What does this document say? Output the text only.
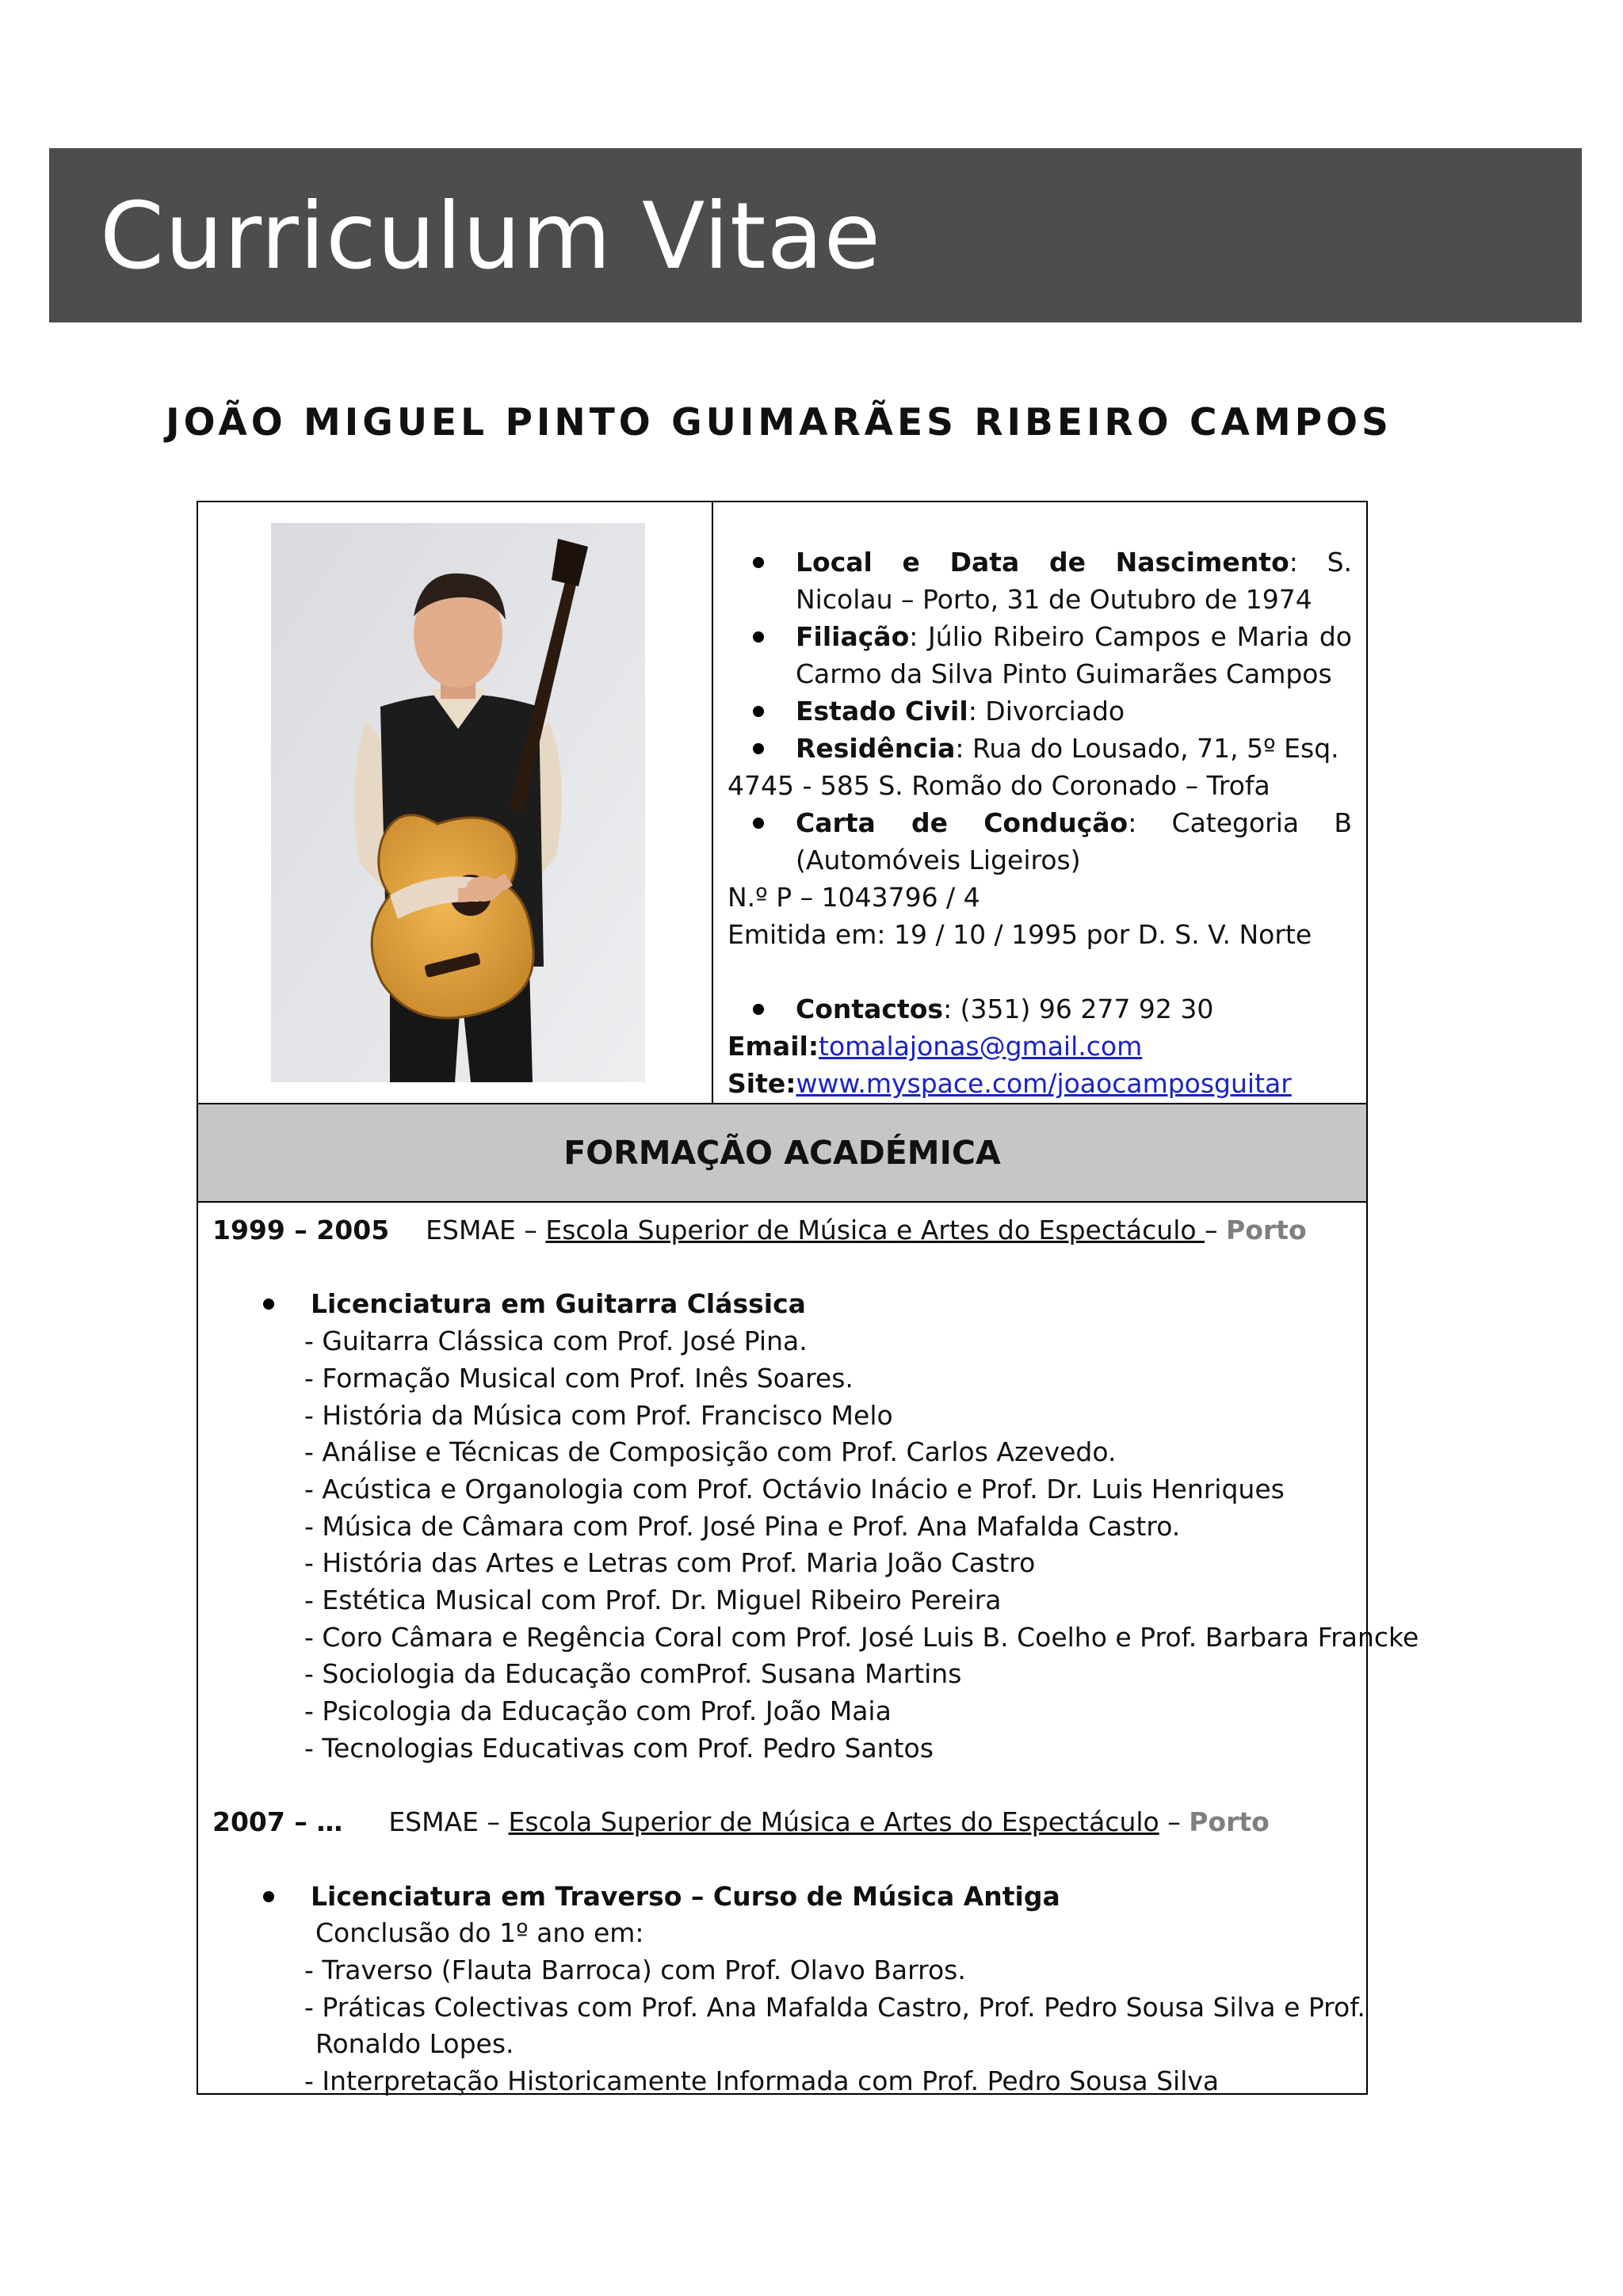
Curriculum Vitae
JOÃO MIGUEL PINTO GUIMARÃES RIBEIRO CAMPOS
Local e Data de Nascimento: S. Nicolau – Porto, 31 de Outubro de 1974
Filiação: Júlio Ribeiro Campos e Maria do Carmo da Silva Pinto Guimarães Campos
Estado Civil: Divorciado
Residência: Rua do Lousado, 71, 5º Esq.
4745 - 585 S. Romão do Coronado – Trofa
Carta de Condução: Categoria B (Automóveis Ligeiros)
N.º P – 1043796 / 4
Emitida em: 19 / 10 / 1995 por D. S. V. Norte
Contactos: (351) 96 277 92 30
Email:tomalajonas@gmail.com
Site:www.myspace.com/joaocamposguitar
FORMAÇÃO ACADÉMICA
1999 – 2005 ESMAE – Escola Superior de Música e Artes do Espectáculo – Porto
Licenciatura em Guitarra Clássica
- Guitarra Clássica com Prof. José Pina.
- Formação Musical com Prof. Inês Soares.
- História da Música com Prof. Francisco Melo
- Análise e Técnicas de Composição com Prof. Carlos Azevedo.
- Acústica e Organologia com Prof. Octávio Inácio e Prof. Dr. Luis Henriques
- Música de Câmara com Prof. José Pina e Prof. Ana Mafalda Castro.
- História das Artes e Letras com Prof. Maria João Castro
- Estética Musical com Prof. Dr. Miguel Ribeiro Pereira
- Coro Câmara e Regência Coral com Prof. José Luis B. Coelho e Prof. Barbara Francke
- Sociologia da Educação comProf. Susana Martins
- Psicologia da Educação com Prof. João Maia
- Tecnologias Educativas com Prof. Pedro Santos
2007 – … ESMAE – Escola Superior de Música e Artes do Espectáculo – Porto
Licenciatura em Traverso – Curso de Música Antiga
Conclusão do 1º ano em:
- Traverso (Flauta Barroca) com Prof. Olavo Barros.
- Práticas Colectivas com Prof. Ana Mafalda Castro, Prof. Pedro Sousa Silva e Prof.
Ronaldo Lopes.
- Interpretação Historicamente Informada com Prof. Pedro Sousa Silva
